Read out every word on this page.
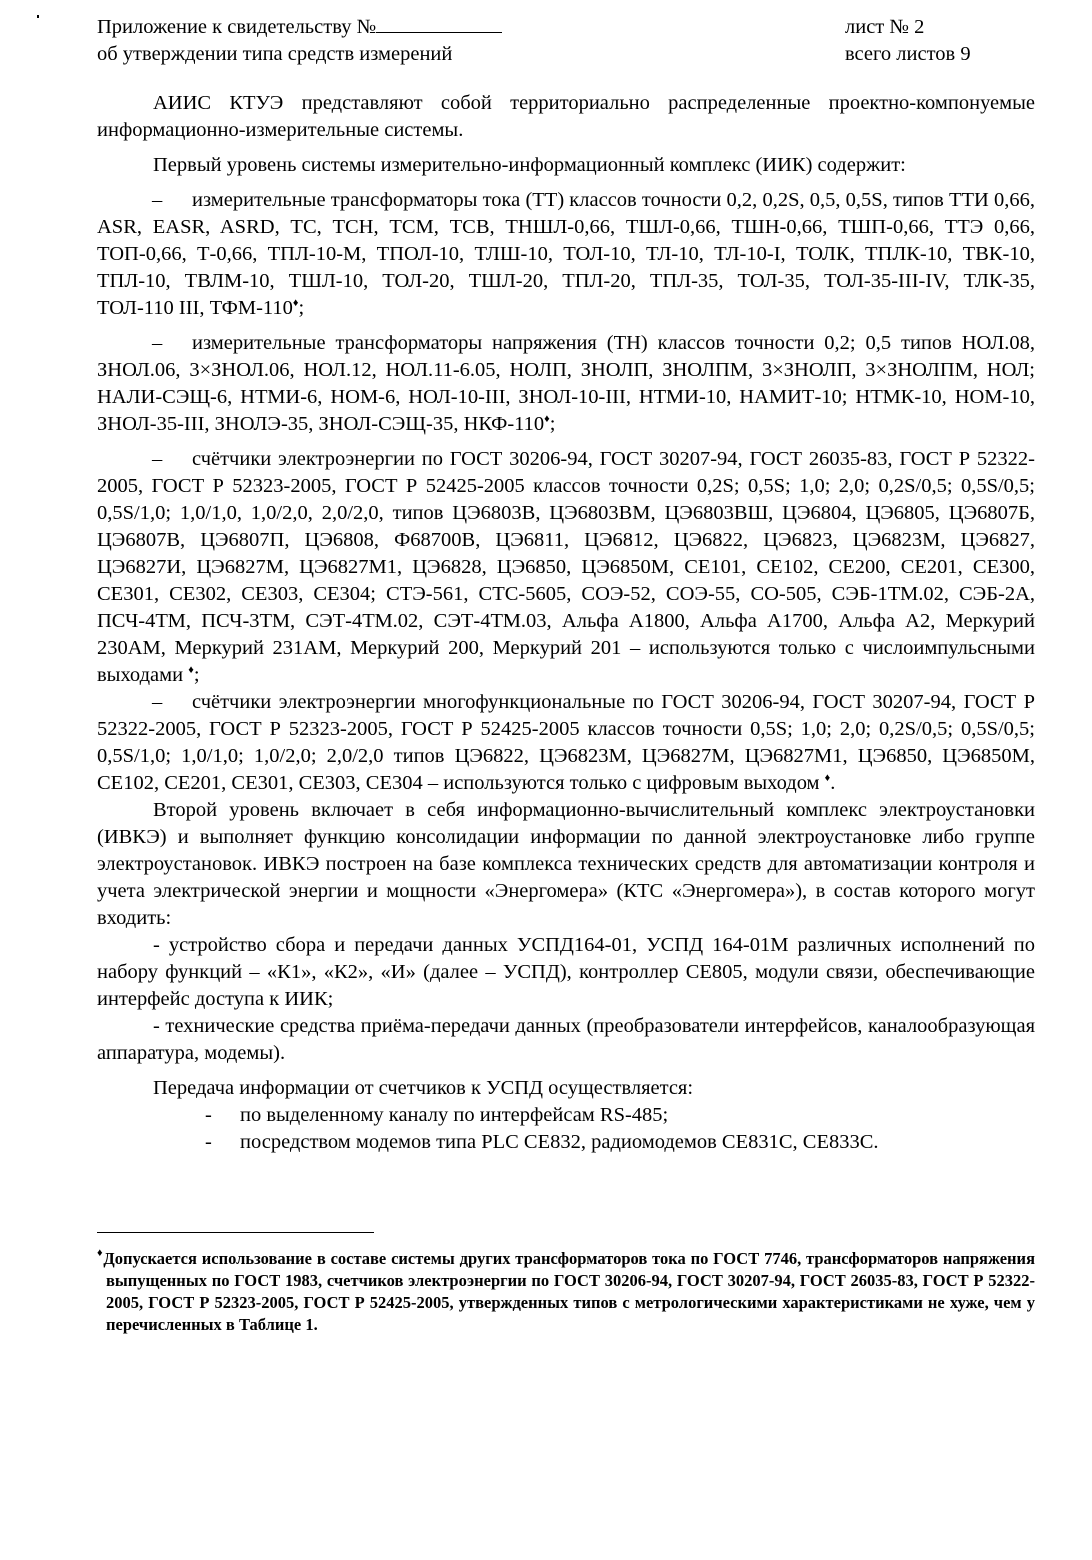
Приложение к свидетельству №	лист № 2
об утверждении типа средств измерений	всего листов 9

АИИС КТУЭ представляют собой территориально распределенные проектно-компонуемые информационно-измерительные системы.

Первый уровень системы измерительно-информационный комплекс (ИИК) содержит:

– измерительные трансформаторы тока (ТТ) классов точности 0,2, 0,2S, 0,5, 0,5S, типов ТТИ 0,66, ASR, EASR, ASRD, ТС, ТСН, ТСМ, ТСВ, ТНШЛ-0,66, ТШЛ-0,66, ТШН-0,66, ТШП-0,66, ТТЭ 0,66, ТОП-0,66, Т-0,66, ТПЛ-10-М, ТПОЛ-10, ТЛШ-10, ТОЛ-10, ТЛ-10, ТЛ-10-I, ТОЛК, ТПЛК-10, ТВК-10, ТПЛ-10, ТВЛМ-10, ТШЛ-10, ТОЛ-20, ТШЛ-20, ТПЛ-20, ТПЛ-35, ТОЛ-35, ТОЛ-35-III-IV, ТЛК-35, ТОЛ-110 III, ТФМ-110♦;

– измерительные трансформаторы напряжения (ТН) классов точности 0,2; 0,5 типов НОЛ.08, ЗНОЛ.06, 3×ЗНОЛ.06, НОЛ.12, НОЛ.11-6.05, НОЛП, ЗНОЛП, ЗНОЛПМ, 3×ЗНОЛП, 3×ЗНОЛПМ, НОЛ; НАЛИ-СЭЩ-6, НТМИ-6, НОМ-6, НОЛ-10-III, ЗНОЛ-10-III, НТМИ-10, НАМИТ-10; НТМК-10, НОМ-10, ЗНОЛ-35-III, ЗНОЛЭ-35, ЗНОЛ-СЭЩ-35, НКФ-110♦;

– счётчики электроэнергии по ГОСТ 30206-94, ГОСТ 30207-94, ГОСТ 26035-83, ГОСТ Р 52322-2005, ГОСТ Р 52323-2005, ГОСТ Р 52425-2005 классов точности 0,2S; 0,5S; 1,0; 2,0; 0,2S/0,5; 0,5S/0,5; 0,5S/1,0; 1,0/1,0, 1,0/2,0, 2,0/2,0, типов ЦЭ6803В, ЦЭ6803ВМ, ЦЭ6803ВШ, ЦЭ6804, ЦЭ6805, ЦЭ6807Б, ЦЭ6807В, ЦЭ6807П, ЦЭ6808, Ф68700В, ЦЭ6811, ЦЭ6812, ЦЭ6822, ЦЭ6823, ЦЭ6823М, ЦЭ6827, ЦЭ6827И, ЦЭ6827М, ЦЭ6827М1, ЦЭ6828, ЦЭ6850, ЦЭ6850М, СЕ101, СЕ102, СЕ200, СЕ201, СЕ300, СЕ301, СЕ302, СЕ303, СЕ304; СТЭ-561, СТС-5605, СОЭ-52, СОЭ-55, СО-505, СЭБ-1ТМ.02, СЭБ-2А, ПСЧ-4ТМ, ПСЧ-3ТМ, СЭТ-4ТМ.02, СЭТ-4ТМ.03, Альфа А1800, Альфа А1700, Альфа А2, Меркурий 230АМ, Меркурий 231АМ, Меркурий 200, Меркурий 201 – используются только с числоимпульсными выходами ♦;

– счётчики электроэнергии многофункциональные по ГОСТ 30206-94, ГОСТ 30207-94, ГОСТ Р 52322-2005, ГОСТ Р 52323-2005, ГОСТ Р 52425-2005 классов точности 0,5S; 1,0; 2,0; 0,2S/0,5; 0,5S/0,5; 0,5S/1,0; 1,0/1,0; 1,0/2,0; 2,0/2,0 типов ЦЭ6822, ЦЭ6823М, ЦЭ6827М, ЦЭ6827М1, ЦЭ6850, ЦЭ6850М, СЕ102, СЕ201, СЕ301, СЕ303, СЕ304 – используются только с цифровым выходом ♦.

Второй уровень включает в себя информационно-вычислительный комплекс электроустановки (ИВКЭ) и выполняет функцию консолидации информации по данной электроустановке либо группе электроустановок. ИВКЭ построен на базе комплекса технических средств для автоматизации контроля и учета электрической энергии и мощности «Энергомера» (КТС «Энергомера»), в состав которого могут входить:

- устройство сбора и передачи данных УСПД164-01, УСПД 164-01М различных исполнений по набору функций – «К1», «К2», «И» (далее – УСПД), контроллер СЕ805, модули связи, обеспечивающие интерфейс доступа к ИИК;

- технические средства приёма-передачи данных (преобразователи интерфейсов, каналообразующая аппаратура, модемы).

Передача информации от счетчиков к УСПД осуществляется:

- по выделенному каналу по интерфейсам RS-485;
- посредством модемов типа PLC CE832, радиомодемов CE831C, CE833C.

♦Допускается использование в составе системы других трансформаторов тока по ГОСТ 7746, трансформаторов напряжения выпущенных по ГОСТ 1983, счетчиков электроэнергии по ГОСТ 30206-94, ГОСТ 30207-94, ГОСТ 26035-83, ГОСТ Р 52322-2005, ГОСТ Р 52323-2005, ГОСТ Р 52425-2005, утвержденных типов с метрологическими характеристиками не хуже, чем у перечисленных в Таблице 1.
